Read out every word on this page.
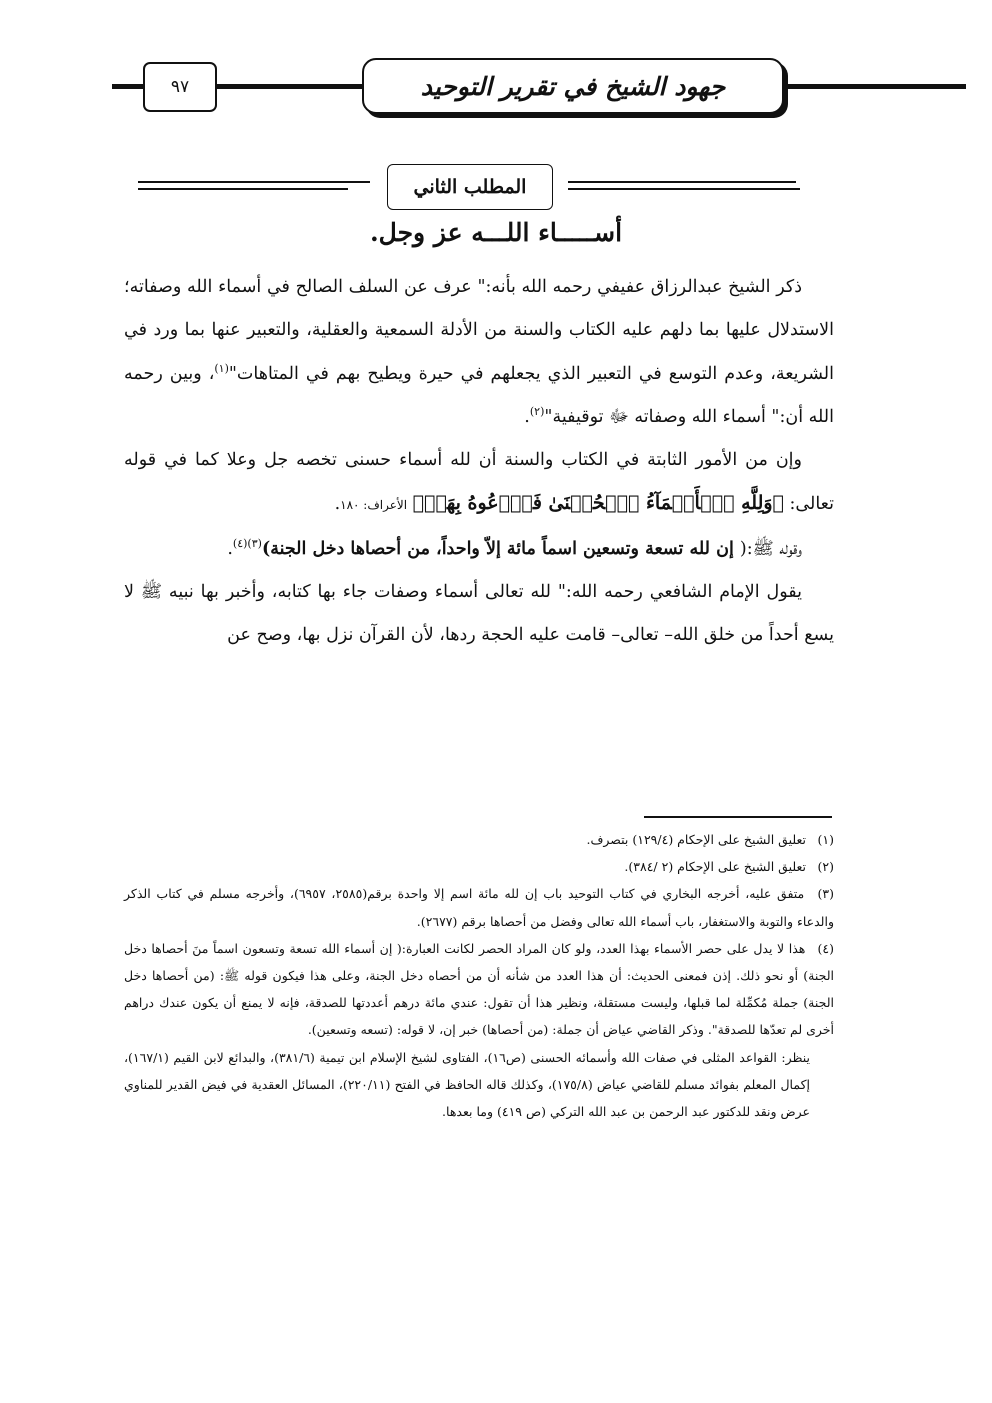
٩٧	جهود الشيخ في تقرير التوحيد
المطلب الثاني
أســـــاء اللـــه عز وجل.

ذكر الشيخ عبدالرزاق عفيفي رحمه الله بأنه:" عرف عن السلف الصالح في أسماء الله وصفاته؛ الاستدلال عليها بما دلهم عليه الكتاب والسنة من الأدلة السمعية والعقلية، والتعبير عنها بما ورد في الشريعة، وعدم التوسع في التعبير الذي يجعلهم في حيرة ويطيح بهم في المتاهات"$^{(١)}$، وبين رحمه الله أن:" أسماء الله وصفاته ﷻ توقيفية"$^{(٢)}$.

وإن من الأمور الثابتة في الكتاب والسنة أن لله أسماء حسنى تخصه جل وعلا كما في قوله تعالى: ﴿وَلِلَّهِ ٱلۡأَسۡمَآءُ ٱلۡحُسۡنَىٰ فَٱدۡعُوهُ بِهَاۖ﴾ الأعراف: ١٨٠.

وقوله ﷺ:( إن لله تسعة وتسعين اسماً مائة إلاّ واحداً، من أحصاها دخل الجنة)$^{(٣)(٤)}$.

يقول الإمام الشافعي رحمه الله:" لله تعالى أسماء وصفات جاء بها كتابه، وأخبر بها نبيه ﷺ لا يسع أحداً من خلق الله– تعالى– قامت عليه الحجة ردها، لأن القرآن نزل بها، وصح عن

(١) تعليق الشيخ على الإحكام (١٢٩/٤) بتصرف.

(٢) تعليق الشيخ على الإحكام (٢ /٣٨٤).

(٣) متفق عليه، أخرجه البخاري في كتاب التوحيد باب إن لله مائة اسم إلا واحدة برقم(٢٥٨٥، ٦٩٥٧)، وأخرجه مسلم في كتاب الذكر والدعاء والتوبة والاستغفار، باب أسماء الله تعالى وفضل من أحصاها برقم (٢٦٧٧).

(٤) هذا لا يدل على حصر الأسماء بهذا العدد، ولو كان المراد الحصر لكانت العبارة:( إن أسماء الله تسعة وتسعون اسماً منَ أحصاها دخل الجنة) أو نحو ذلك. إذن فمعنى الحديث: أن هذا العدد من شأنه أن من أحصاه دخل الجنة، وعلى هذا فيكون قوله ﷺ: (من أحصاها دخل الجنة) جملة مُكمِّلة لما قبلها، وليست مستقلة، ونظير هذا أن تقول: عندي مائة درهم أعددتها للصدقة، فإنه لا يمنع أن يكون عندك دراهم أخرى لم تعدّها للصدقة". وذكر القاضي عياض أن جملة: (من أحصاها) خبر إن، لا قوله: (تسعه وتسعين).

ينظر: القواعد المثلى في صفات الله وأسمائه الحسنى (ص١٦)، الفتاوى لشيخ الإسلام ابن تيمية (٣٨١/٦)، والبدائع لابن القيم (١٦٧/١)، إكمال المعلم بفوائد مسلم للقاضي عياض (١٧٥/٨)، وكذلك قاله الحافظ في الفتح (٢٢٠/١١)، المسائل العقدية في فيض القدير للمناوي عرض ونقد للدكتور عبد الرحمن بن عبد الله التركي (ص ٤١٩) وما بعدها.
